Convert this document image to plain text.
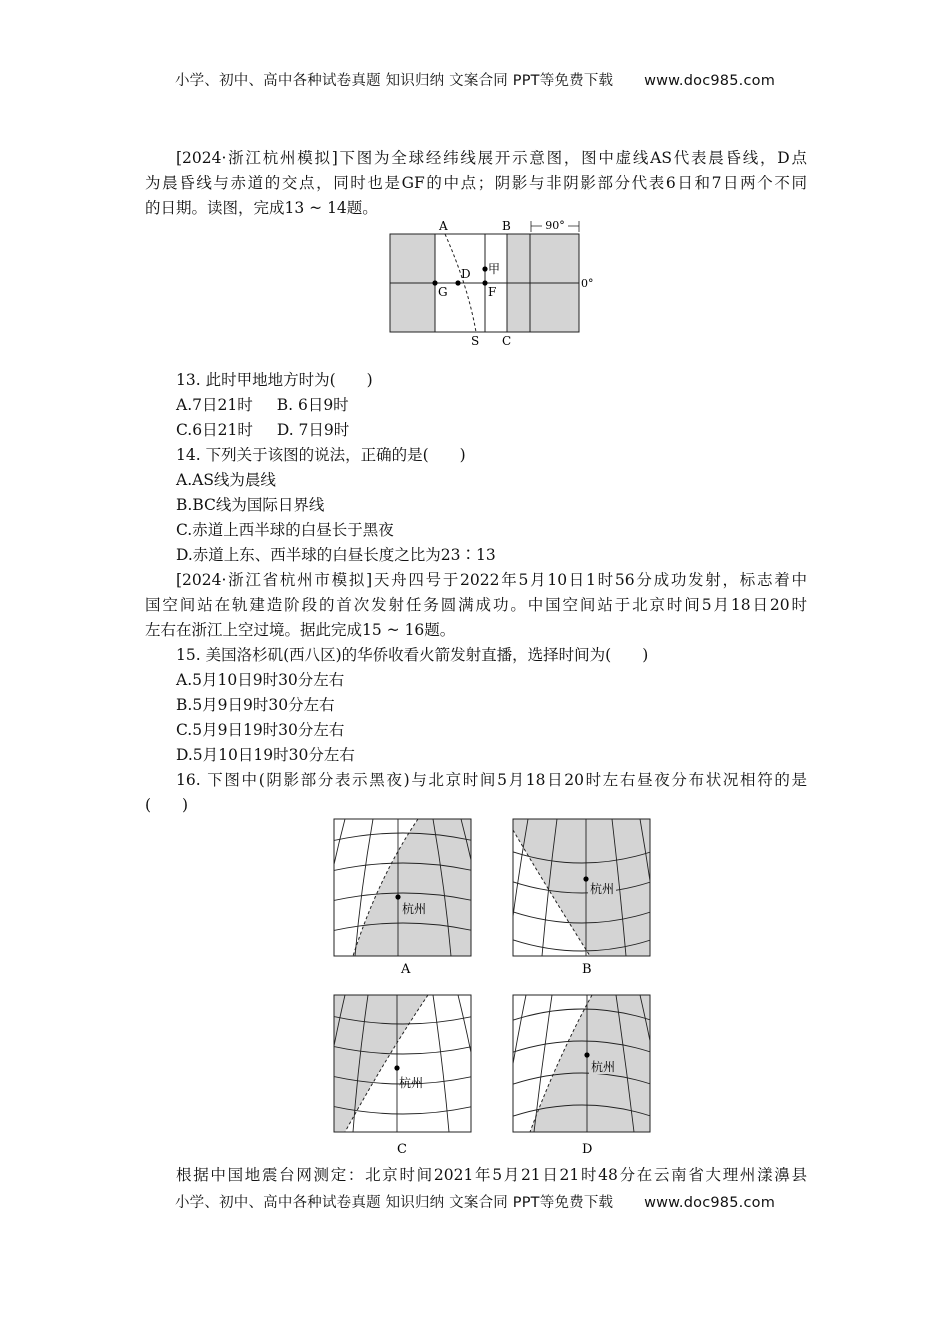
小学、初中、高中各种试卷真题 知识归纳 文案合同 PPT等免费下载 www.doc985.com
[2024·浙江杭州模拟]下图为全球经纬线展开示意图，图中虚线AS代表晨昏线，D点
为晨昏线与赤道的交点，同时也是GF的中点；阴影与非阴影部分代表6日和7日两个不同
的日期。读图，完成13 ~ 14题。
90°
A	B
S C
D
G	F
甲
0°
13. 此时甲地地方时为(　　)
A.7日21时 B. 6日9时
C.6日21时 D. 7日9时
14. 下列关于该图的说法，正确的是(　　)
A.AS线为晨线
B.BC线为国际日界线
C.赤道上西半球的白昼长于黑夜
D.赤道上东、西半球的白昼长度之比为23∶13
[2024·浙江省杭州市模拟]天舟四号于2022年5月10日1时56分成功发射，标志着中
国空间站在轨建造阶段的首次发射任务圆满成功。中国空间站于北京时间5月18日20时
左右在浙江上空过境。据此完成15 ~ 16题。
15. 美国洛杉矶(西八区)的华侨收看火箭发射直播，选择时间为(　　)
A.5月10日9时30分左右
B.5月9日9时30分左右
C.5月9日19时30分左右
D.5月10日19时30分左右
16. 下图中(阴影部分表示黑夜)与北京时间5月18日20时左右昼夜分布状况相符的是
(　　)
杭州
A
杭州
B
杭州
C
杭州
D
根据中国地震台网测定：北京时间2021年5月21日21时48分在云南省大理州漾濞县
小学、初中、高中各种试卷真题 知识归纳 文案合同 PPT等免费下载 www.doc985.com
